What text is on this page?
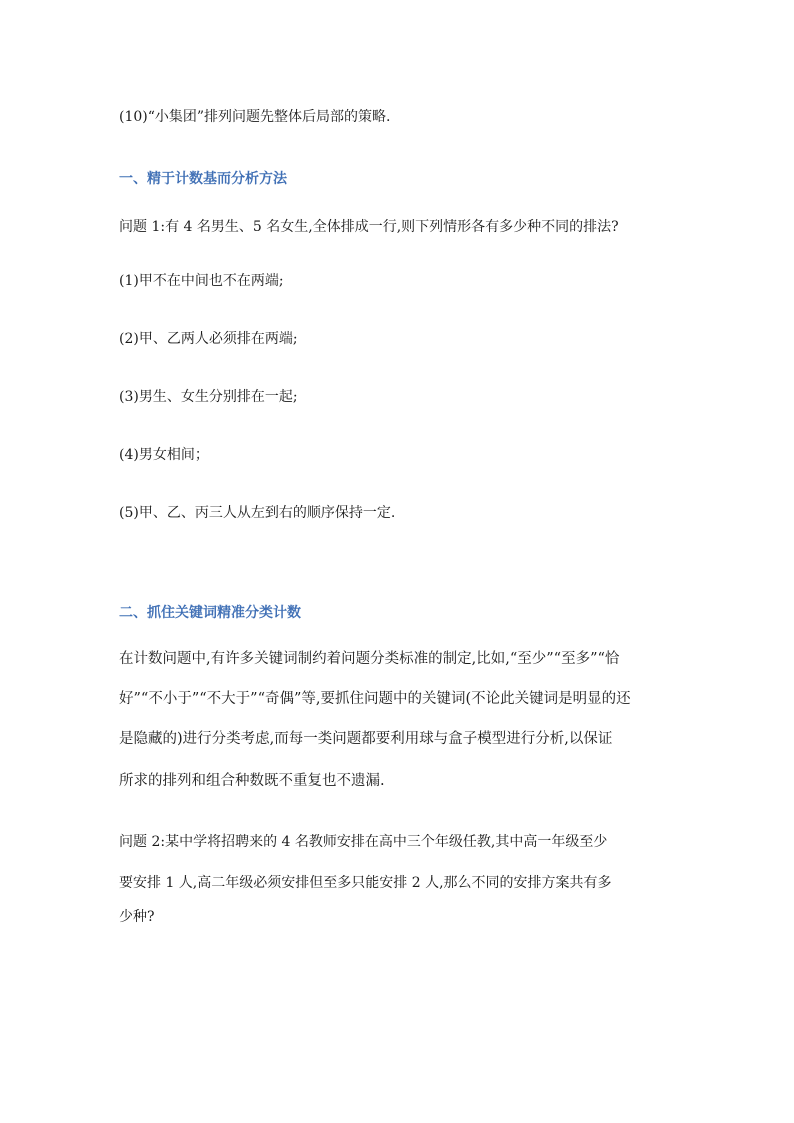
(10)“小集团”排列问题先整体后局部的策略.
一、精于计数基而分析方法
问题 1:有 4 名男生、5 名女生,全体排成一行,则下列情形各有多少种不同的排法?
(1)甲不在中间也不在两端;
(2)甲、乙两人必须排在两端;
(3)男生、女生分别排在一起;
(4)男女相间；
(5)甲、乙、丙三人从左到右的顺序保持一定.
二、抓住关键词精准分类计数
在计数问题中,有许多关键词制约着问题分类标准的制定,比如,“至少”“至多”“恰
好”“不小于”“不大于”“奇偶”等,要抓住问题中的关键词(不论此关键词是明显的还
是隐藏的)进行分类考虑,而每一类问题都要利用球与盒子模型进行分析,以保证
所求的排列和组合种数既不重复也不遗漏.
问题 2:某中学将招聘来的 4 名教师安排在高中三个年级任教,其中高一年级至少
要安排 1 人,高二年级必须安排但至多只能安排 2 人,那么不同的安排方案共有多
少种?
